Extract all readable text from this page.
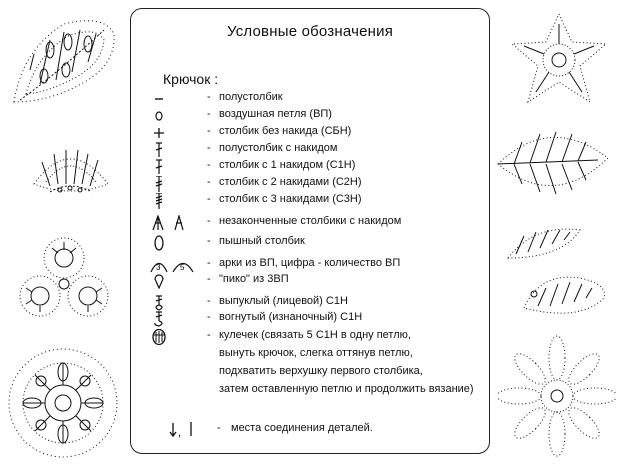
Условные обозначения
Крючок :
- полустолбик
- воздушная петля (ВП)
- столбик без накида (СБН)
- полустолбик с накидом
- столбик с 1 накидом (С1Н)
- столбик с 2 накидами (С2Н)
- столбик с 3 накидами (С3Н)
- незаконченные столбики с накидом
- пышный столбик
3 5 - арки из ВП, цифра - количество ВП
- "пико" из 3ВП
- выпуклый (лицевой) С1Н
- вогнутый (изнаночный) С1Н
- кулечек (связать 5 С1Н в одну петлю,
вынуть крючок, слегка оттянув петлю,
подхватить верхушку первого столбика,
затем оставленную петлю и продолжить вязание)
,	- места соединения деталей.
